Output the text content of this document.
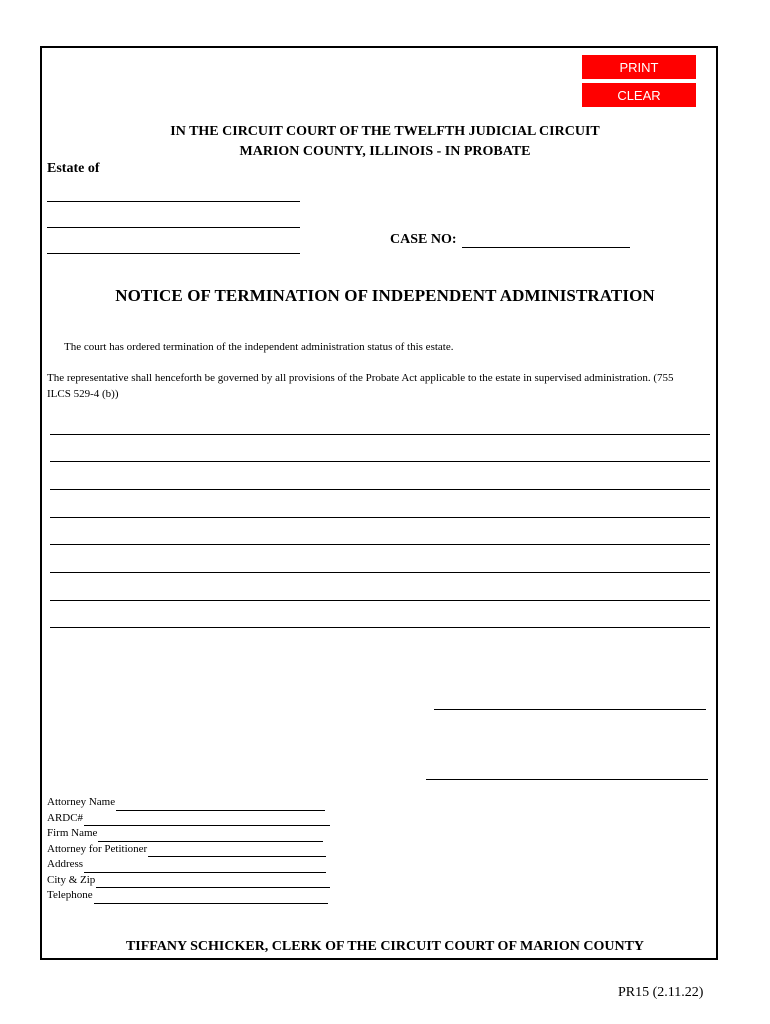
PRINT
CLEAR
IN THE CIRCUIT COURT OF THE TWELFTH JUDICIAL CIRCUIT
MARION COUNTY, ILLINOIS - IN PROBATE
Estate of
CASE NO:
NOTICE OF TERMINATION OF INDEPENDENT ADMINISTRATION
The court has ordered termination of the independent administration status of this estate.
The representative shall henceforth be governed by all provisions of the Probate Act applicable to the estate in supervised administration. (755 ILCS 529-4 (b))
Attorney Name
ARDC#
Firm Name
Attorney for Petitioner
Address
City & Zip
Telephone
TIFFANY SCHICKER, CLERK OF THE CIRCUIT COURT OF MARION COUNTY
PR15 (2.11.22)
